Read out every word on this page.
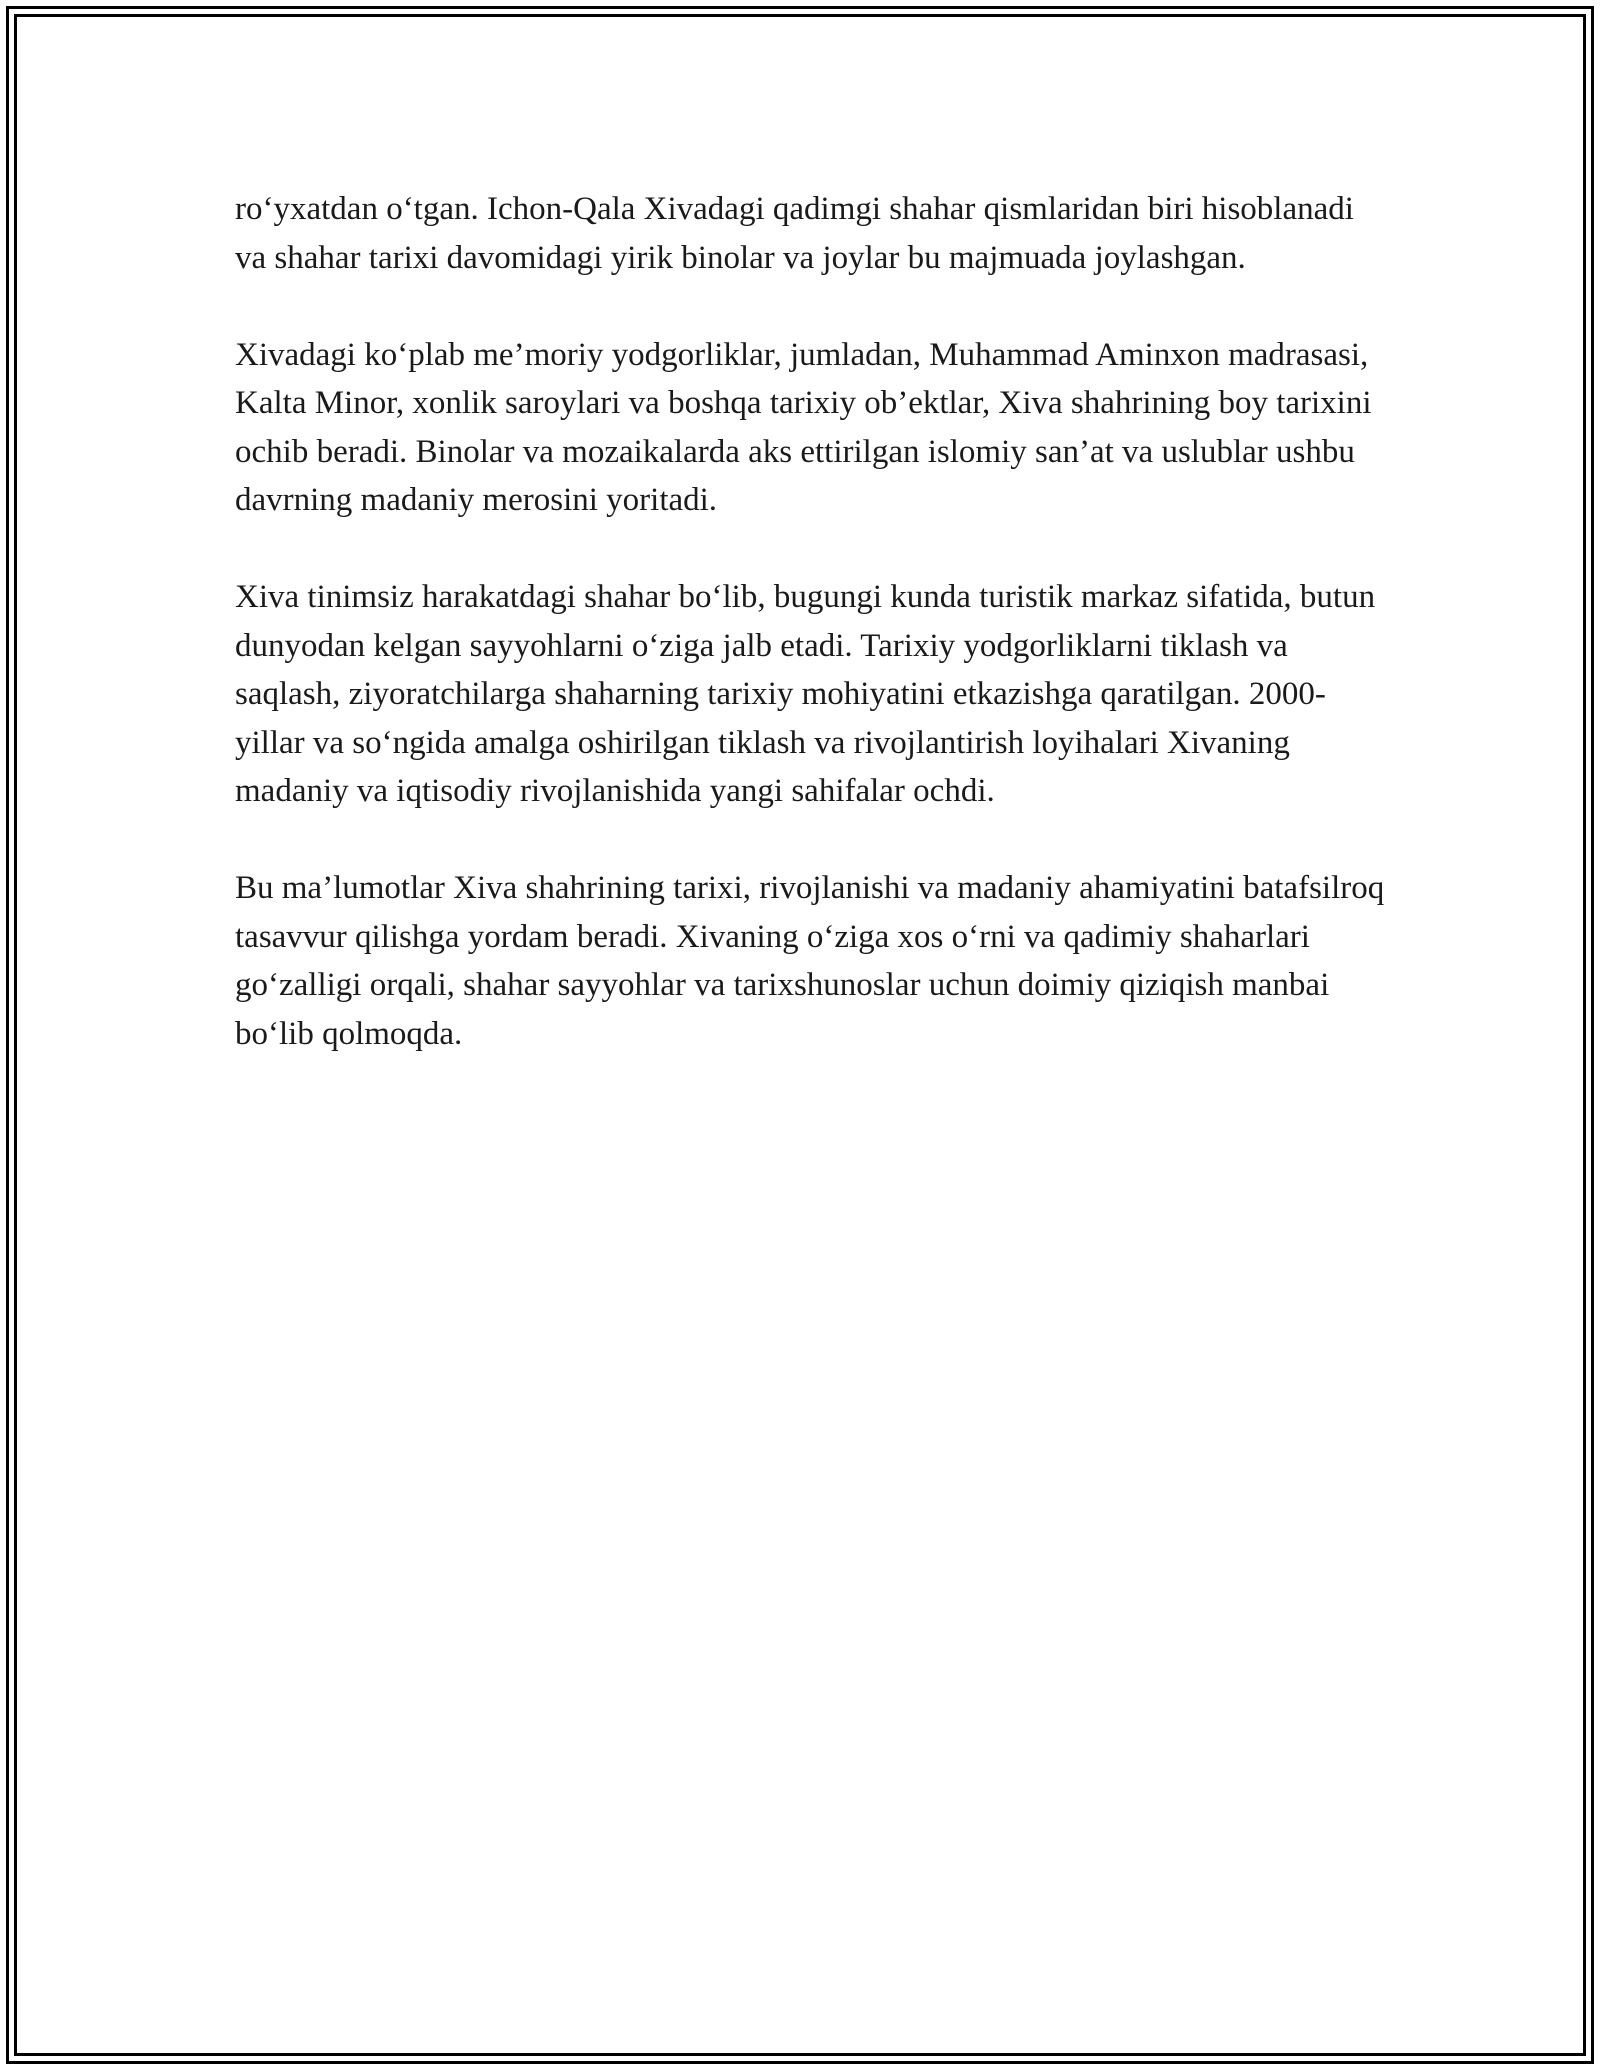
ro‘yxatdan o‘tgan. Ichon-Qala Xivadagi qadimgi shahar qismlaridan biri hisoblanadi va shahar tarixi davomidagi yirik binolar va joylar bu majmuada joylashgan.

Xivadagi ko‘plab me’moriy yodgorliklar, jumladan, Muhammad Aminxon madrasasi, Kalta Minor, xonlik saroylari va boshqa tarixiy ob’ektlar, Xiva shahrining boy tarixini ochib beradi. Binolar va mozaikalarda aks ettirilgan islomiy san’at va uslublar ushbu davrning madaniy merosini yoritadi.

Xiva tinimsiz harakatdagi shahar bo‘lib, bugungi kunda turistik markaz sifatida, butun dunyodan kelgan sayyohlarni o‘ziga jalb etadi. Tarixiy yodgorliklarni tiklash va saqlash, ziyoratchilarga shaharning tarixiy mohiyatini etkazishga qaratilgan. 2000-yillar va so‘ngida amalga oshirilgan tiklash va rivojlantirish loyihalari Xivaning madaniy va iqtisodiy rivojlanishida yangi sahifalar ochdi.

Bu ma’lumotlar Xiva shahrining tarixi, rivojlanishi va madaniy ahamiyatini batafsilroq tasavvur qilishga yordam beradi. Xivaning o‘ziga xos o‘rni va qadimiy shaharlari go‘zalligi orqali, shahar sayyohlar va tarixshunoslar uchun doimiy qiziqish manbai bo‘lib qolmoqda.
